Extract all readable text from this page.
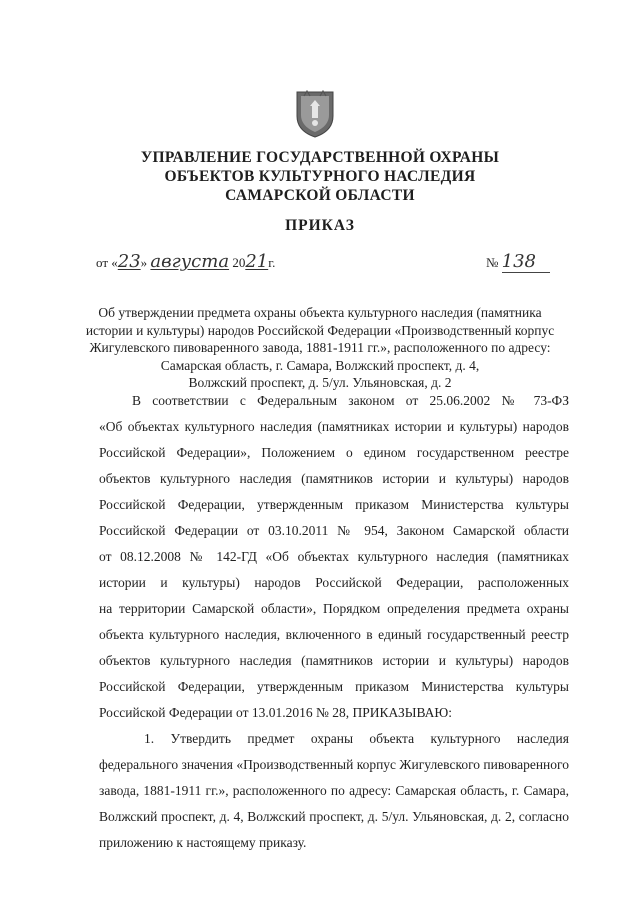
УПРАВЛЕНИЕ ГОСУДАРСТВЕННОЙ ОХРАНЫ
ОБЪЕКТОВ КУЛЬТУРНОГО НАСЛЕДИЯ
САМАРСКОЙ ОБЛАСТИ
ПРИКАЗ
от «23» августа 2021г.	№ 138
Об утверждении предмета охраны объекта культурного наследия (памятника
истории и культуры) народов Российской Федерации «Производственный корпус
Жигулевского пивоваренного завода, 1881-1911 гг.», расположенного по адресу:
Самарская область, г. Самара, Волжский проспект, д. 4,
Волжский проспект, д. 5/ул. Ульяновская, д. 2
В соответствии с Федеральным законом от 25.06.2002 № 73-ФЗ
«Об объектах культурного наследия (памятниках истории и культуры) народов
Российской Федерации», Положением о едином государственном реестре
объектов культурного наследия (памятников истории и культуры) народов
Российской Федерации, утвержденным приказом Министерства культуры
Российской Федерации от 03.10.2011 № 954, Законом Самарской области
от 08.12.2008 № 142-ГД «Об объектах культурного наследия (памятниках
истории и культуры) народов Российской Федерации, расположенных
на территории Самарской области», Порядком определения предмета охраны
объекта культурного наследия, включенного в единый государственный реестр
объектов культурного наследия (памятников истории и культуры) народов
Российской Федерации, утвержденным приказом Министерства культуры
Российской Федерации от 13.01.2016 № 28, ПРИКАЗЫВАЮ:
1. Утвердить предмет охраны объекта культурного наследия
федерального значения «Производственный корпус Жигулевского пивоваренного
завода, 1881-1911 гг.», расположенного по адресу: Самарская область, г. Самара,
Волжский проспект, д. 4, Волжский проспект, д. 5/ул. Ульяновская, д. 2, согласно
приложению к настоящему приказу.
